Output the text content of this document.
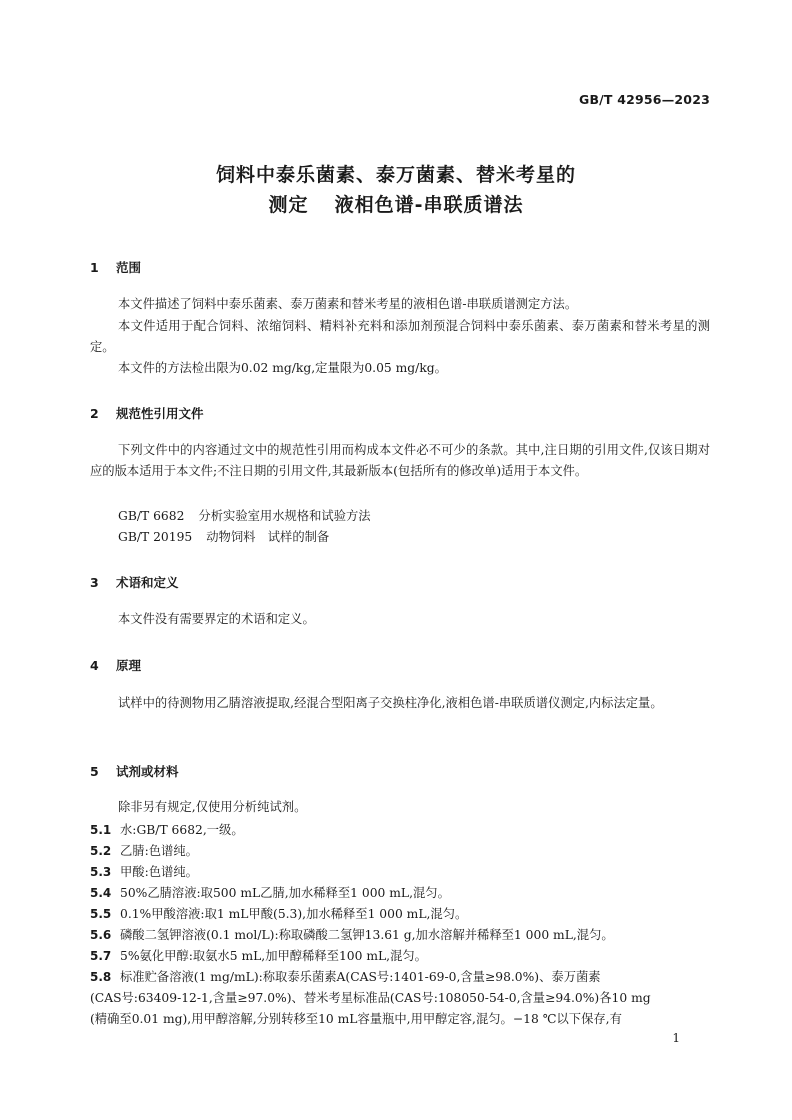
GB/T 42956—2023
饲料中泰乐菌素、泰万菌素、替米考星的
测定 液相色谱-串联质谱法
1 范围

本文件描述了饲料中泰乐菌素、泰万菌素和替米考星的液相色谱-串联质谱测定方法。

本文件适用于配合饲料、浓缩饲料、精料补充料和添加剂预混合饲料中泰乐菌素、泰万菌素和替米考星的测定。

本文件的方法检出限为0.02 mg/kg,定量限为0.05 mg/kg。

2 规范性引用文件

下列文件中的内容通过文中的规范性引用而构成本文件必不可少的条款。其中,注日期的引用文件,仅该日期对应的版本适用于本文件;不注日期的引用文件,其最新版本(包括所有的修改单)适用于本文件。

GB/T 6682 分析实验室用水规格和试验方法
GB/T 20195 动物饲料　试样的制备
3 术语和定义

本文件没有需要界定的术语和定义。

4 原理

试样中的待测物用乙腈溶液提取,经混合型阳离子交换柱净化,液相色谱-串联质谱仪测定,内标法定量。

5 试剂或材料

除非另有规定,仅使用分析纯试剂。

5.1 水:GB/T 6682,一级。
5.2 乙腈:色谱纯。
5.3 甲酸:色谱纯。
5.4 50%乙腈溶液:取500 mL乙腈,加水稀释至1 000 mL,混匀。
5.5 0.1%甲酸溶液:取1 mL甲酸(5.3),加水稀释至1 000 mL,混匀。
5.6 磷酸二氢钾溶液(0.1 mol/L):称取磷酸二氢钾13.61 g,加水溶解并稀释至1 000 mL,混匀。
5.7 5%氨化甲醇:取氨水5 mL,加甲醇稀释至100 mL,混匀。
5.8 标准贮备溶液(1 mg/mL):称取泰乐菌素A(CAS号:1401-69-0,含量≥98.0%)、泰万菌素
(CAS号:63409-12-1,含量≥97.0%)、替米考星标准品(CAS号:108050-54-0,含量≥94.0%)各10 mg
(精确至0.01 mg),用甲醇溶解,分别转移至10 mL容量瓶中,用甲醇定容,混匀。−18 ℃以下保存,有
1
